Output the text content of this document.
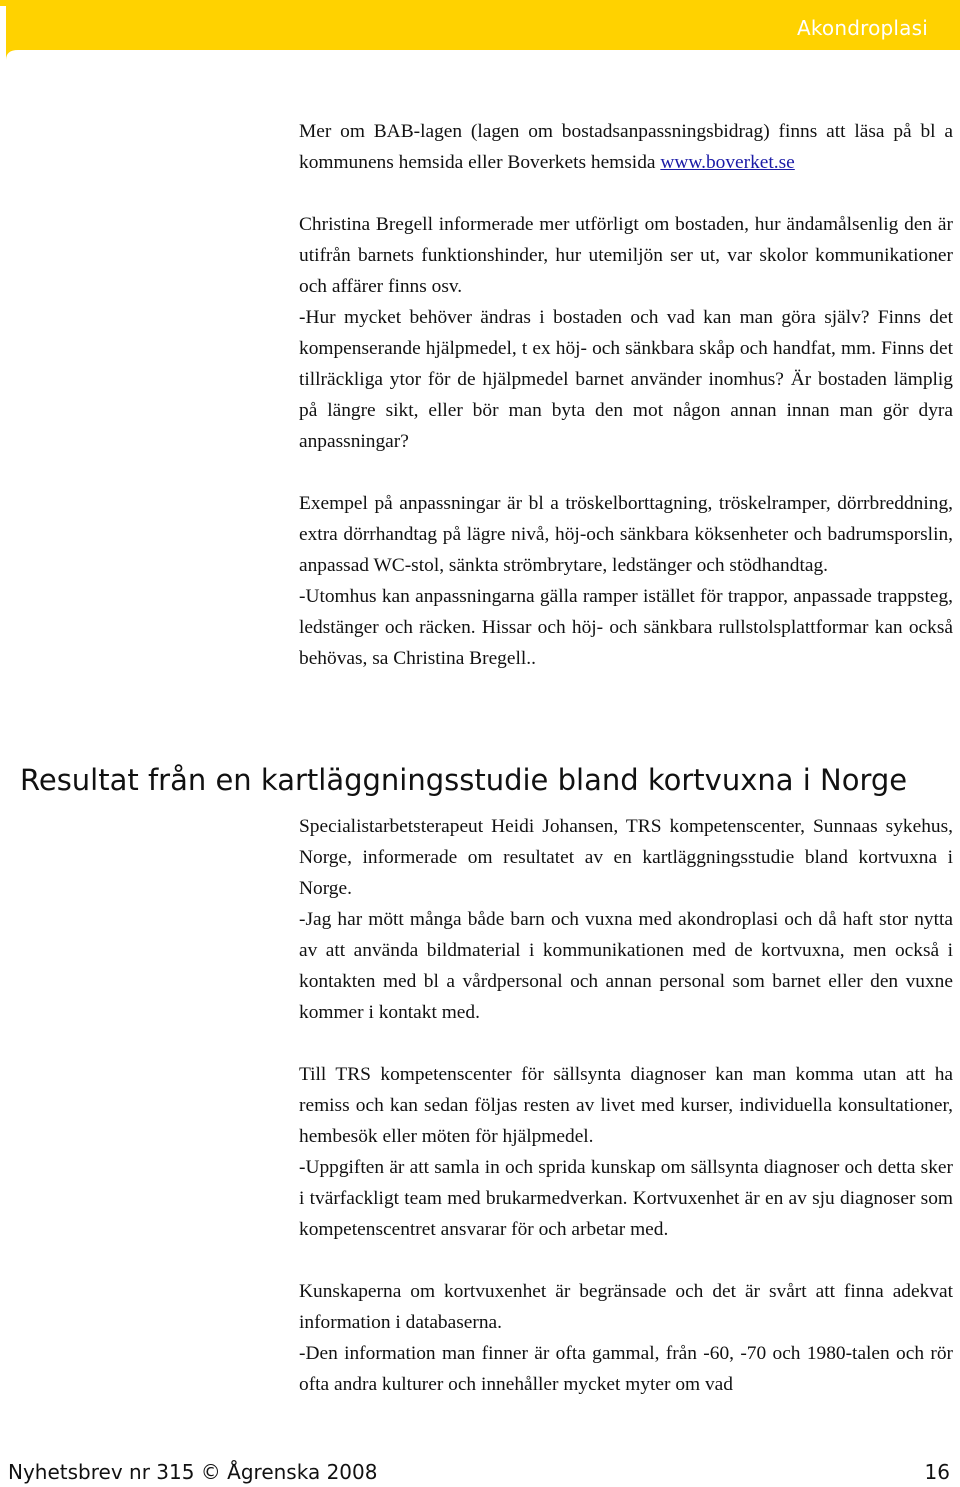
Akondroplasi

Mer om BAB-lagen (lagen om bostadsanpassningsbidrag) finns att läsa på bl a kommunens hemsida eller Boverkets hemsida www.boverket.se

Christina Bregell informerade mer utförligt om bostaden, hur ändamålsenlig den är utifrån barnets funktionshinder, hur utemiljön ser ut, var skolor kommunikationer och affärer finns osv.

-Hur mycket behöver ändras i bostaden och vad kan man göra själv? Finns det kompenserande hjälpmedel, t ex höj- och sänkbara skåp och handfat, mm. Finns det tillräckliga ytor för de hjälpmedel barnet använder inomhus? Är bostaden lämplig på längre sikt, eller bör man byta den mot någon annan innan man gör dyra anpassningar?

Exempel på anpassningar är bl a tröskelborttagning, tröskelramper, dörrbreddning, extra dörrhandtag på lägre nivå, höj-och sänkbara köksenheter och badrumsporslin, anpassad WC-stol, sänkta strömbrytare, ledstänger och stödhandtag.

-Utomhus kan anpassningarna gälla ramper istället för trappor, anpassade trappsteg, ledstänger och räcken. Hissar och höj- och sänkbara rullstolsplattformar kan också behövas, sa Christina Bregell..

Resultat från en kartläggningsstudie bland kortvuxna i Norge

Specialistarbetsterapeut Heidi Johansen, TRS kompetenscenter, Sunnaas sykehus, Norge, informerade om resultatet av en kartläggningsstudie bland kortvuxna i Norge.

-Jag har mött många både barn och vuxna med akondroplasi och då haft stor nytta av att använda bildmaterial i kommunikationen med de kortvuxna, men också i kontakten med bl a vårdpersonal och annan personal som barnet eller den vuxne kommer i kontakt med.

Till TRS kompetenscenter för sällsynta diagnoser kan man komma utan att ha remiss och kan sedan följas resten av livet med kurser, individuella konsultationer, hembesök eller möten för hjälpmedel.

-Uppgiften är att samla in och sprida kunskap om sällsynta diagnoser och detta sker i tvärfackligt team med brukarmedverkan. Kortvuxenhet är en av sju diagnoser som kompetenscentret ansvarar för och arbetar med.

Kunskaperna om kortvuxenhet är begränsade och det är svårt att finna adekvat information i databaserna.

-Den information man finner är ofta gammal, från -60, -70 och 1980-talen och rör ofta andra kulturer och innehåller mycket myter om vad

Nyhetsbrev nr 315 © Ågrenska 2008	16
